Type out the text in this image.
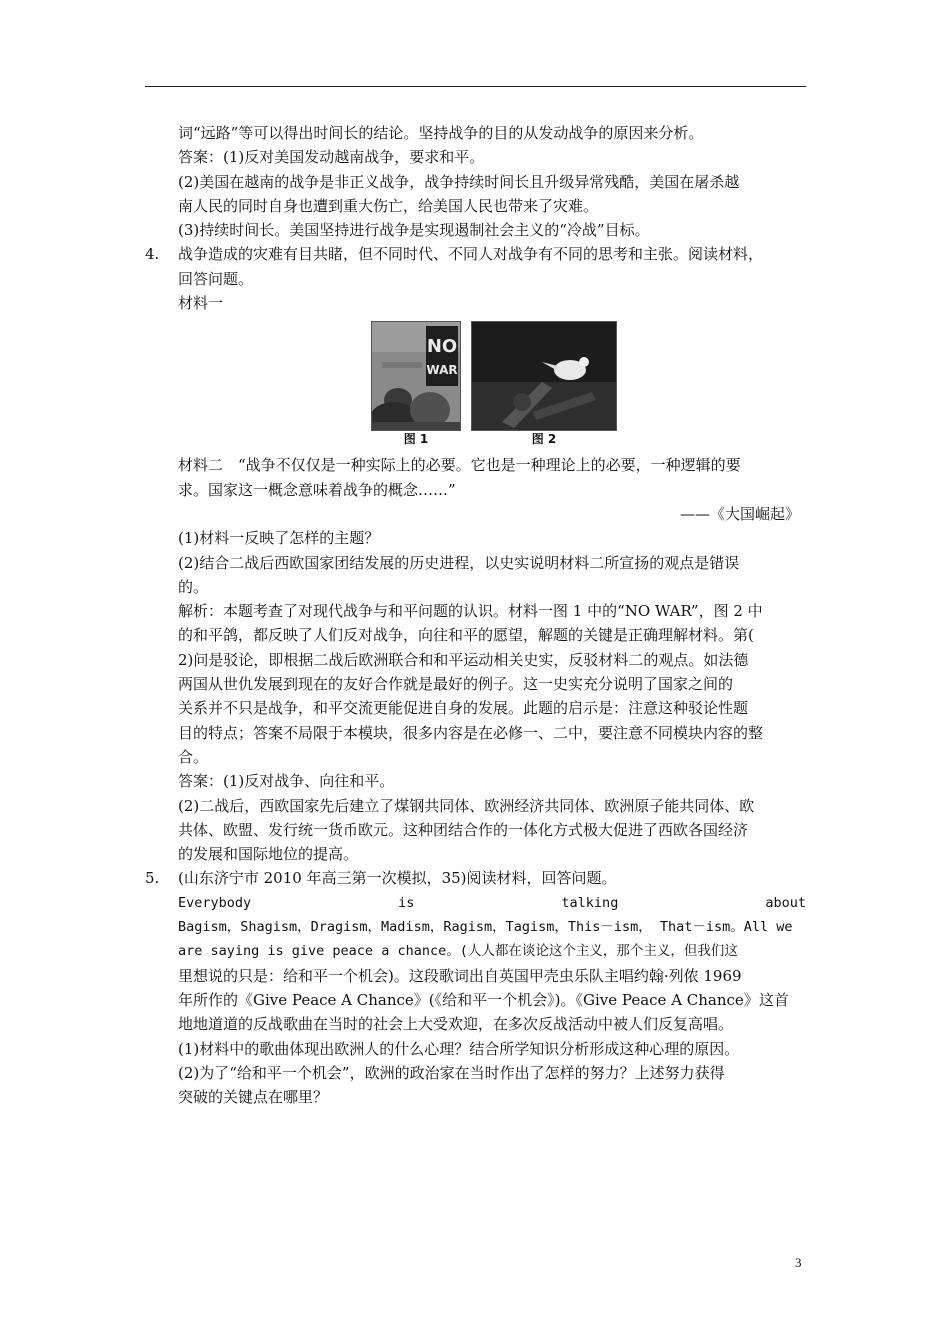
词“远路”等可以得出时间长的结论。坚持战争的目的从发动战争的原因来分析。

答案：(1)反对美国发动越南战争，要求和平。

(2)美国在越南的战争是非正义战争，战争持续时间长且升级异常残酷，美国在屠杀越

南人民的同时自身也遭到重大伤亡，给美国人民也带来了灾难。

(3)持续时间长。美国坚持进行战争是实现遏制社会主义的“冷战”目标。

4. 战争造成的灾难有目共睹，但不同时代、不同人对战争有不同的思考和主张。阅读材料，

回答问题。

材料一

NO
WAR
图 1	图 2

材料二　“战争不仅仅是一种实际上的必要。它也是一种理论上的必要，一种逻辑的要

求。国家这一概念意味着战争的概念……”

——《大国崛起》

(1)材料一反映了怎样的主题？

(2)结合二战后西欧国家团结发展的历史进程，以史实说明材料二所宣扬的观点是错误

的。

解析：本题考查了对现代战争与和平问题的认识。材料一图 1 中的“NO WAR”，图 2 中

的和平鸽，都反映了人们反对战争，向往和平的愿望，解题的关键是正确理解材料。第(

2)问是驳论，即根据二战后欧洲联合和和平运动相关史实，反驳材料二的观点。如法德

两国从世仇发展到现在的友好合作就是最好的例子。这一史实充分说明了国家之间的

关系并不只是战争，和平交流更能促进自身的发展。此题的启示是：注意这种驳论性题

目的特点；答案不局限于本模块，很多内容是在必修一、二中，要注意不同模块内容的整

合。

答案：(1)反对战争、向往和平。

(2)二战后，西欧国家先后建立了煤钢共同体、欧洲经济共同体、欧洲原子能共同体、欧

共体、欧盟、发行统一货币欧元。这种团结合作的一体化方式极大促进了西欧各国经济

的发展和国际地位的提高。

5. (山东济宁市 2010 年高三第一次模拟，35)阅读材料，回答问题。

Everybody	is	talking	about

Bagism，Shagism，Dragism，Madism，Ragism，Tagism，This－ism， That－ism。All we

are saying is give peace a chance。(人人都在谈论这个主义，那个主义，但我们这

里想说的只是：给和平一个机会)。这段歌词出自英国甲壳虫乐队主唱约翰·列侬 1969

年所作的《Give Peace A Chance》(《给和平一个机会》)。《Give Peace A Chance》这首

地地道道的反战歌曲在当时的社会上大受欢迎，在多次反战活动中被人们反复高唱。

(1)材料中的歌曲体现出欧洲人的什么心理？结合所学知识分析形成这种心理的原因。

(2)为了“给和平一个机会”，欧洲的政治家在当时作出了怎样的努力？上述努力获得

突破的关键点在哪里？

3
